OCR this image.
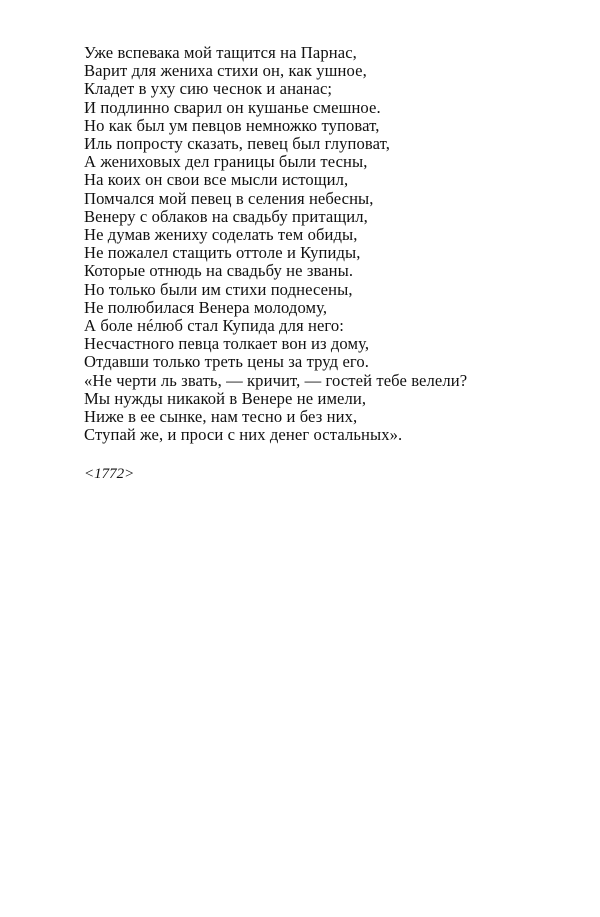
Уже вспевака мой тащится на Парнас,
Варит для жениха стихи он, как ушное,
Кладет в уху сию чеснок и ананас;
И подлинно сварил он кушанье смешное.
Но как был ум певцов немножко туповат,
Иль попросту сказать, певец был глуповат,
А жениховых дел границы были тесны,
На коих он свои все мысли истощил,
Помчался мой певец в селения небесны,
Венеру с облаков на свадьбу притащил,
Не думав жениху соделать тем обиды,
Не пожалел стащить оттоле и Купиды,
Которые отнюдь на свадьбу не званы.
Но только были им стихи поднесены,
Не полюбилася Венера молодому,
А боле нéлюб стал Купида для него:
Несчастного певца толкает вон из дому,
Отдавши только треть цены за труд его.
«Не черти ль звать, — кричит, — гостей тебе велели?
Мы нужды никакой в Венере не имели,
Ниже в ее сынке, нам тесно и без них,
Ступай же, и проси с них денег остальных».
<1772>
